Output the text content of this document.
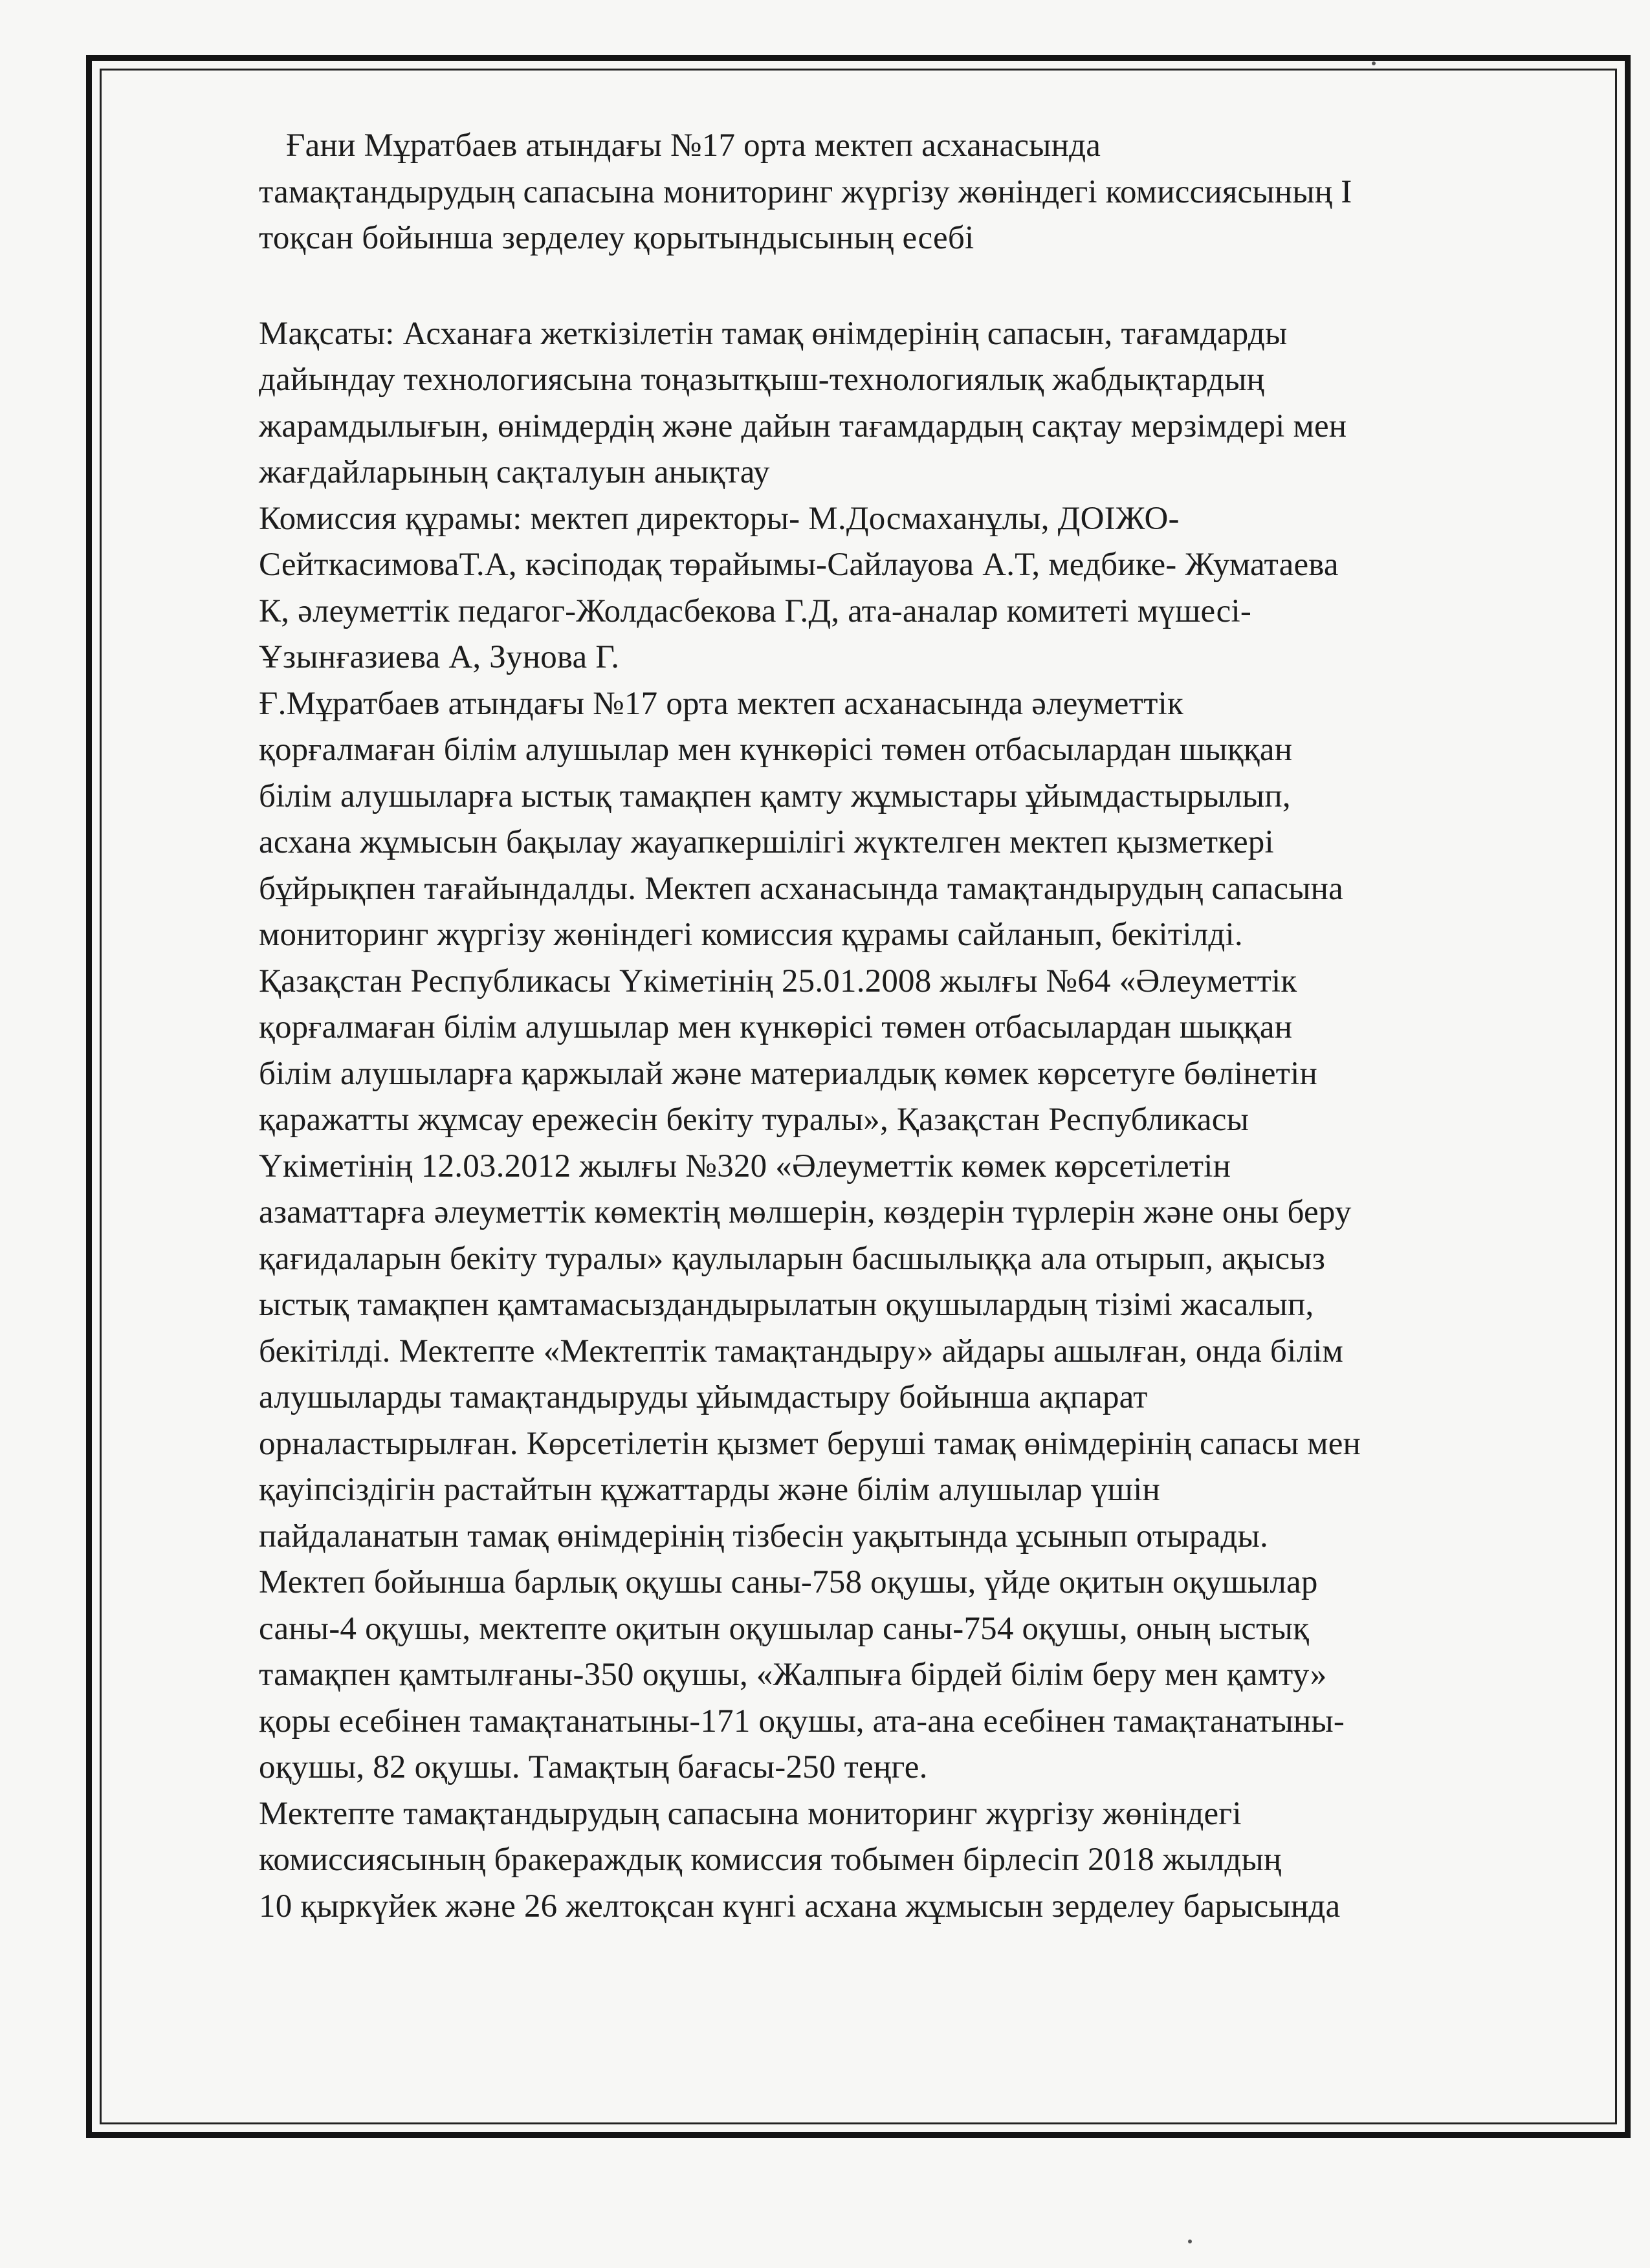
Ғани Мұратбаев атындағы №17 орта мектеп асханасында

тамақтандырудың сапасына мониторинг жүргізу жөніндегі комиссиясының І

тоқсан бойынша зерделеу қорытындысының есебі

Мақсаты: Асханаға жеткізілетін тамақ өнімдерінің сапасын, тағамдарды
дайындау технологиясына тоңазытқыш-технологиялық жабдықтардың
жарамдылығын, өнімдердің және дайын тағамдардың сақтау мерзімдері мен
жағдайларының сақталуын анықтау
Комиссия құрамы: мектеп директоры- М.Досмаханұлы, ДОІЖО-
СейткасимоваТ.А, кәсіподақ төрайымы-Сайлауова А.Т, медбике- Жуматаева
К, әлеуметтік педагог-Жолдасбекова Г.Д, ата-аналар комитеті мүшесі-
Ұзынғазиева А, Зунова Г.
Ғ.Мұратбаев атындағы №17 орта мектеп асханасында әлеуметтік
қорғалмаған білім алушылар мен күнкөрісі төмен отбасылардан шыққан
білім алушыларға ыстық тамақпен қамту жұмыстары ұйымдастырылып,
асхана жұмысын бақылау жауапкершілігі жүктелген мектеп қызметкері
бұйрықпен тағайындалды. Мектеп асханасында тамақтандырудың сапасына
мониторинг жүргізу жөніндегі комиссия құрамы сайланып, бекітілді.
Қазақстан Республикасы Үкіметінің 25.01.2008 жылғы №64 «Әлеуметтік
қорғалмаған білім алушылар мен күнкөрісі төмен отбасылардан шыққан
білім алушыларға қаржылай және материалдық көмек көрсетуге бөлінетін
қаражатты жұмсау ережесін бекіту туралы», Қазақстан Республикасы
Үкіметінің 12.03.2012 жылғы №320 «Әлеуметтік көмек көрсетілетін
азаматтарға әлеуметтік көмектің мөлшерін, көздерін түрлерін және оны беру
қағидаларын бекіту туралы» қаулыларын басшылыққа ала отырып, ақысыз
ыстық тамақпен қамтамасыздандырылатын оқушылардың тізімі жасалып,
бекітілді. Мектепте «Мектептік тамақтандыру» айдары ашылған, онда білім
алушыларды тамақтандыруды ұйымдастыру бойынша ақпарат
орналастырылған. Көрсетілетін қызмет беруші тамақ өнімдерінің сапасы мен
қауіпсіздігін растайтын құжаттарды және білім алушылар үшін
пайдаланатын тамақ өнімдерінің тізбесін уақытында ұсынып отырады.
Мектеп бойынша барлық оқушы саны-758 оқушы, үйде оқитын оқушылар
саны-4 оқушы, мектепте оқитын оқушылар саны-754 оқушы, оның ыстық
тамақпен қамтылғаны-350 оқушы, «Жалпыға бірдей білім беру мен қамту»
қоры есебінен тамақтанатыны-171 оқушы, ата-ана есебінен тамақтанатыны-
оқушы, 82 оқушы. Тамақтың бағасы-250 теңге.
Мектепте тамақтандырудың сапасына мониторинг жүргізу жөніндегі
комиссиясының бракераждық комиссия тобымен бірлесіп 2018 жылдың
10 қыркүйек және 26 желтоқсан күнгі асхана жұмысын зерделеу барысында
